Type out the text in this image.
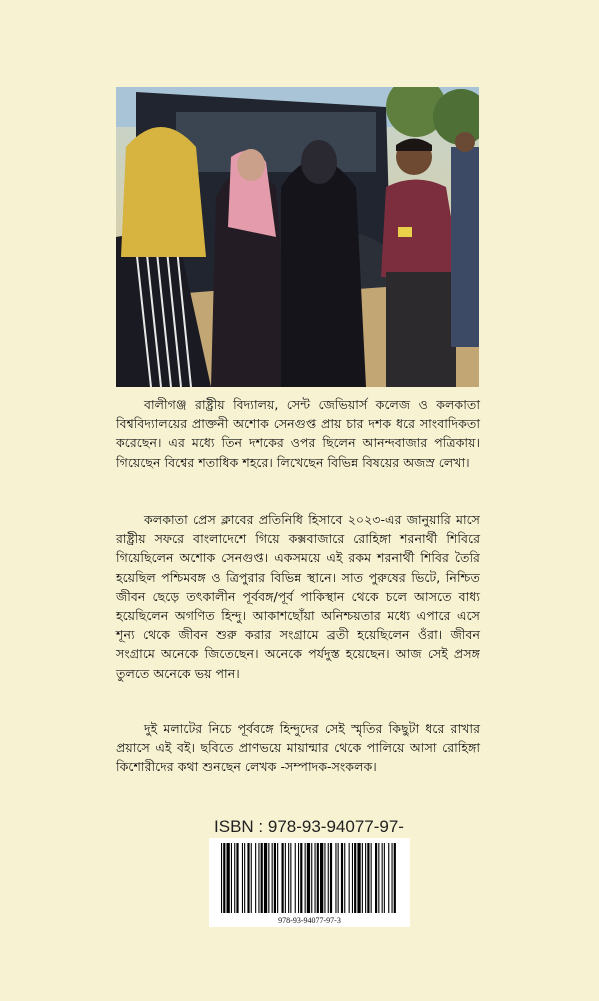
বালীগঞ্জ রাষ্ট্রীয় বিদ্যালয়, সেন্ট জেভিয়ার্স কলেজ ও কলকাতা বিশ্ববিদ্যালয়ের প্রাক্তনী অশোক সেনগুপ্ত প্রায় চার দশক ধরে সাংবাদিকতা করেছেন। এর মধ্যে তিন দশকের ওপর ছিলেন আনন্দবাজার পত্রিকায়। গিয়েছেন বিশ্বের শতাধিক শহরে। লিখেছেন বিভিন্ন বিষয়ের অজস্র লেখা।

কলকাতা প্রেস ক্লাবের প্রতিনিধি হিসাবে ২০২৩-এর জানুয়ারি মাসে রাষ্ট্রীয় সফরে বাংলাদেশে গিয়ে কক্সবাজারে রোহিঙ্গা শরনার্থী শিবিরে গিয়েছিলেন অশোক সেনগুপ্ত। একসময়ে এই রকম শরনার্থী শিবির তৈরি হয়েছিল পশ্চিমবঙ্গ ও ত্রিপুরার বিভিন্ন স্থানে। সাত পুরুষের ভিটে, নিশ্চিত জীবন ছেড়ে তৎকালীন পূর্ববঙ্গ/পূর্ব পাকিস্থান থেকে চলে আসতে বাধ্য হয়েছিলেন অগণিত হিন্দু। আকাশছোঁয়া অনিশ্চয়তার মধ্যে এপারে এসে শূন্য থেকে জীবন শুরু করার সংগ্রামে ব্রতী হয়েছিলেন ওঁরা। জীবন সংগ্রামে অনেকে জিতেছেন। অনেকে পর্যদুস্ত হয়েছেন। আজ সেই প্রসঙ্গ তুলতে অনেকে ভয় পান।

দুই মলাটের নিচে পূর্ববঙ্গে হিন্দুদের সেই স্মৃতির কিছুটা ধরে রাখার প্রয়াসে এই বই। ছবিতে প্রাণভয়ে মায়ান্মার থেকে পালিয়ে আসা রোহিঙ্গা কিশোরীদের কথা শুনছেন লেখক -সম্পাদক-সংকলক।

ISBN : 978-93-94077-97-

978-93-94077-97-3
